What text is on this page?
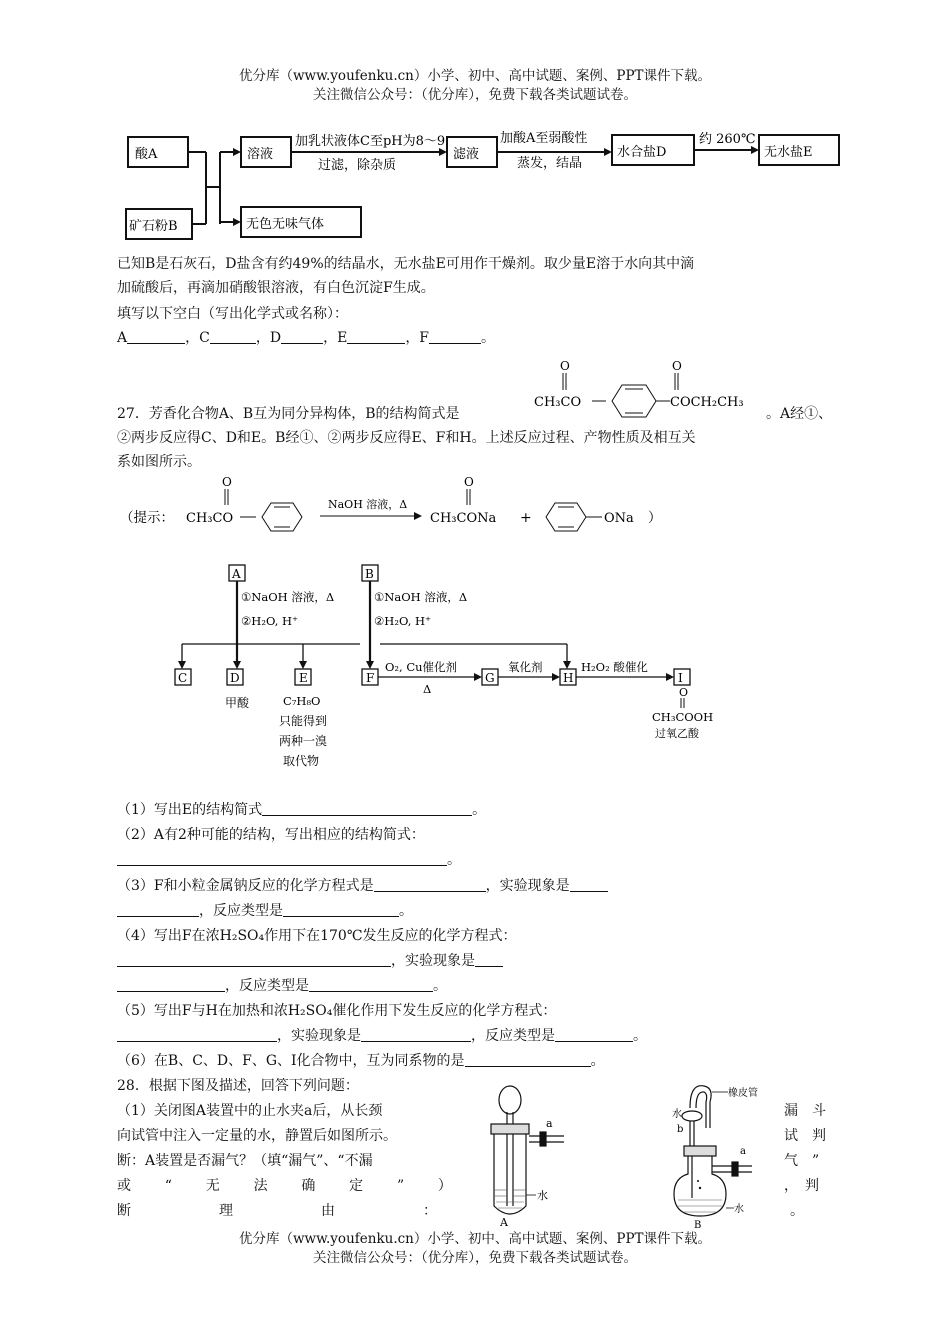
优分库（www.youfenku.cn）小学、初中、高中试题、案例、PPT课件下载。
关注微信公众号：（优分库），免费下载各类试题试卷。
酸A
矿石粉B
溶液
无色无味气体
加乳状液体C至pH为8～9
过滤，除杂质
滤液
加酸A至弱酸性
蒸发，结晶
水合盐D
约 260℃
无水盐E
已知B是石灰石，D盐含有约49%的结晶水，无水盐E可用作干燥剂。取少量E溶于水向其中滴
加硫酸后，再滴加硝酸银溶液，有白色沉淀F生成。
填写以下空白（写出化学式或名称）：
A	，C	，D	，E	，F	。
27．芳香化合物A、B互为同分异构体，B的结构简式是
O
CH₃CO
O
COCH₂CH₃
。A经①、
②两步反应得C、D和E。B经①、②两步反应得E、F和H。上述反应过程、产物性质及相互关
系如图所示。
（提示：
O
CH₃CO
NaOH 溶液，Δ
O
CH₃CONa +	ONa ）
A	B
C	D	E	F	G	H	I
①NaOH 溶液，Δ
②H₂O, H⁺
①NaOH 溶液，Δ
②H₂O, H⁺
O₂, Cu催化剂
Δ
氧化剂	H₂O₂ 酸催化
甲酸	C₇H₈O
只能得到
两种一溴
取代物
O
CH₃COOH
过氧乙酸
（1）写出E的结构简式	。
（2）A有2种可能的结构，写出相应的结构简式：
。
（3）F和小粒金属钠反应的化学方程式是	，实验现象是
，反应类型是	。
（4）写出F在浓H₂SO₄作用下在170℃发生反应的化学方程式：
，实验现象是
，反应类型是	。
（5）写出F与H在加热和浓H₂SO₄催化作用下发生反应的化学方程式：
，实验现象是	，反应类型是	。
（6）在B、C、D、F、G、I化合物中，互为同系物的是	。
28．根据下图及描述，回答下列问题：
（1）关闭图A装置中的止水夹a后，从长颈
向试管中注入一定量的水，静置后如图所示。
断：A装置是否漏气？（填“漏气”、“不漏
或 “ 无 法 确 定 ” ）
断	理	由	：
漏　斗
试　判
气　”
，　判
。
a
水
A
橡皮管
水
b
a
水
B
优分库（www.youfenku.cn）小学、初中、高中试题、案例、PPT课件下载。
关注微信公众号：（优分库），免费下载各类试题试卷。
